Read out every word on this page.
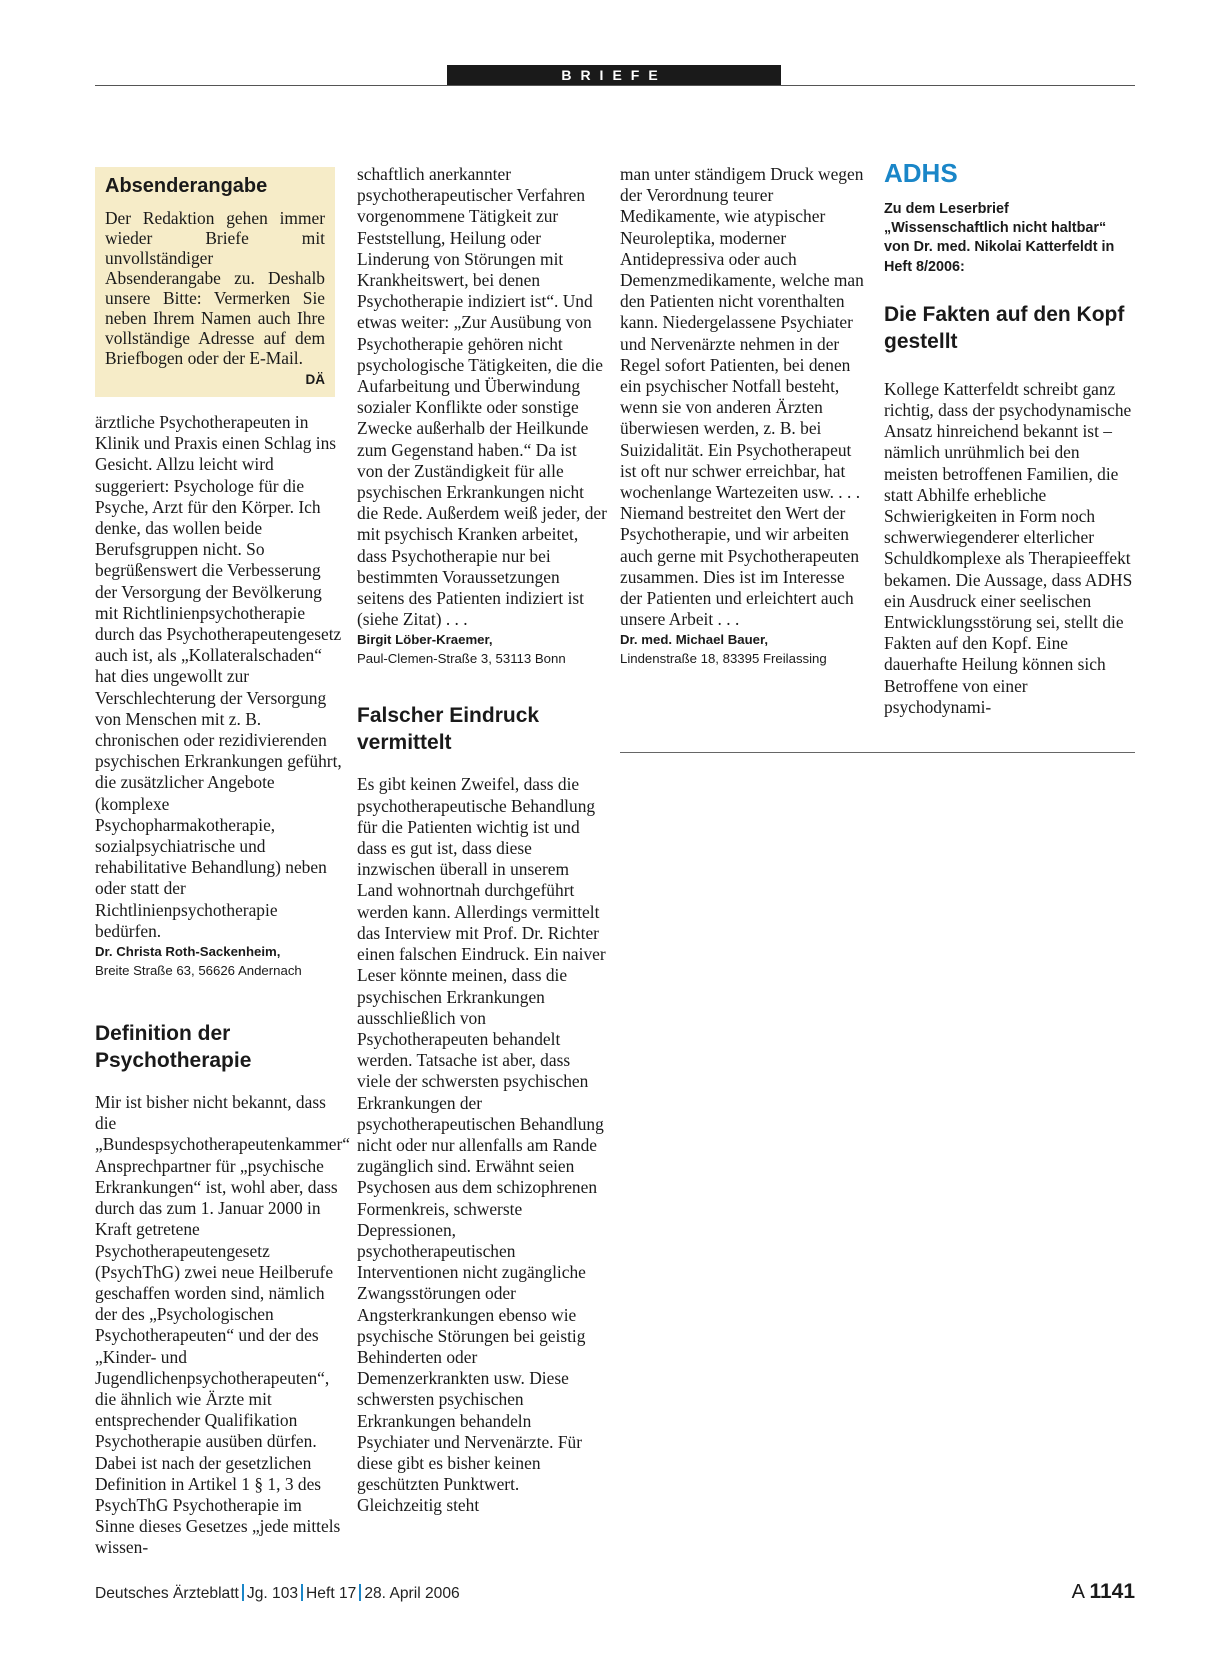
BRIEFE
Absenderangabe

Der Redaktion gehen immer wieder Briefe mit unvollständiger Absenderangabe zu. Deshalb unsere Bitte: Vermerken Sie neben Ihrem Namen auch Ihre vollständige Adresse auf dem Briefbogen oder der E-Mail.

DÄ

ärztliche Psychotherapeuten in Klinik und Praxis einen Schlag ins Gesicht. Allzu leicht wird suggeriert: Psychologe für die Psyche, Arzt für den Körper. Ich denke, das wollen beide Berufsgruppen nicht. So begrüßenswert die Verbesserung der Versorgung der Bevölkerung mit Richtlinienpsychotherapie durch das Psychotherapeutengesetz auch ist, als „Kollateralschaden“ hat dies ungewollt zur Verschlechterung der Versorgung von Menschen mit z. B. chronischen oder rezidivierenden psychischen Erkrankungen geführt, die zusätzlicher Angebote (komplexe Psychopharmakotherapie, sozialpsychiatrische und rehabilitative Behandlung) neben oder statt der Richtlinienpsychotherapie bedürfen.

Dr. Christa Roth-Sackenheim,

Breite Straße 63, 56626 Andernach

Definition der Psychotherapie

Mir ist bisher nicht bekannt, dass die „Bundespsychotherapeutenkammer“ Ansprechpartner für „psychische Erkrankungen“ ist, wohl aber, dass durch das zum 1. Januar 2000 in Kraft getretene Psychotherapeutengesetz (PsychThG) zwei neue Heilberufe geschaffen worden sind, nämlich der des „Psychologischen Psychotherapeuten“ und der des „Kinder- und Jugendlichenpsychotherapeuten“, die ähnlich wie Ärzte mit entsprechender Qualifikation Psychotherapie ausüben dürfen. Dabei ist nach der gesetzlichen Definition in Artikel 1 § 1, 3 des PsychThG Psychotherapie im Sinne dieses Gesetzes „jede mittels wissen-

schaftlich anerkannter psychotherapeutischer Verfahren vorgenommene Tätigkeit zur Feststellung, Heilung oder Linderung von Störungen mit Krankheitswert, bei denen Psychotherapie indiziert ist“. Und etwas weiter: „Zur Ausübung von Psychotherapie gehören nicht psychologische Tätigkeiten, die die Aufarbeitung und Überwindung sozialer Konflikte oder sonstige Zwecke außerhalb der Heilkunde zum Gegenstand haben.“ Da ist von der Zuständigkeit für alle psychischen Erkrankungen nicht die Rede. Außerdem weiß jeder, der mit psychisch Kranken arbeitet, dass Psychotherapie nur bei bestimmten Voraussetzungen seitens des Patienten indiziert ist (siehe Zitat) . . .

Birgit Löber-Kraemer,

Paul-Clemen-Straße 3, 53113 Bonn

Falscher Eindruck vermittelt

Es gibt keinen Zweifel, dass die psychotherapeutische Behandlung für die Patienten wichtig ist und dass es gut ist, dass diese inzwischen überall in unserem Land wohnortnah durchgeführt werden kann. Allerdings vermittelt das Interview mit Prof. Dr. Richter einen falschen Eindruck. Ein naiver Leser könnte meinen, dass die psychischen Erkrankungen ausschließlich von Psychotherapeuten behandelt werden. Tatsache ist aber, dass viele der schwersten psychischen Erkrankungen der psychotherapeutischen Behandlung nicht oder nur allenfalls am Rande zugänglich sind. Erwähnt seien Psychosen aus dem schizophrenen Formenkreis, schwerste Depressionen, psychotherapeutischen Interventionen nicht zugängliche Zwangsstörungen oder Angsterkrankungen ebenso wie psychische Störungen bei geistig Behinderten oder Demenzerkrankten usw. Diese schwersten psychischen Erkrankungen behandeln Psychiater und Nervenärzte. Für diese gibt es bisher keinen geschützten Punktwert. Gleichzeitig steht

man unter ständigem Druck wegen der Verordnung teurer Medikamente, wie atypischer Neuroleptika, moderner Antidepressiva oder auch Demenzmedikamente, welche man den Patienten nicht vorenthalten kann. Niedergelassene Psychiater und Nervenärzte nehmen in der Regel sofort Patienten, bei denen ein psychischer Notfall besteht, wenn sie von anderen Ärzten überwiesen werden, z. B. bei Suizidalität. Ein Psychotherapeut ist oft nur schwer erreichbar, hat wochenlange Wartezeiten usw. . . . Niemand bestreitet den Wert der Psychotherapie, und wir arbeiten auch gerne mit Psychotherapeuten zusammen. Dies ist im Interesse der Patienten und erleichtert auch unsere Arbeit . . .

Dr. med. Michael Bauer,

Lindenstraße 18, 83395 Freilassing

ADHS

Zu dem Leserbrief „Wissenschaftlich nicht haltbar“ von Dr. med. Nikolai Katterfeldt in Heft 8/2006:

Die Fakten auf den Kopf gestellt

Kollege Katterfeldt schreibt ganz richtig, dass der psychodynamische Ansatz hinreichend bekannt ist – nämlich unrühmlich bei den meisten betroffenen Familien, die statt Abhilfe erhebliche Schwierigkeiten in Form noch schwerwiegenderer elterlicher Schuldkomplexe als Therapieeffekt bekamen. Die Aussage, dass ADHS ein Ausdruck einer seelischen Entwicklungsstörung sei, stellt die Fakten auf den Kopf. Eine dauerhafte Heilung können sich Betroffene von einer psychodynami-

Deutsches Ärzteblatt Jg. 103 Heft 17 28. April 2006	A 1141
